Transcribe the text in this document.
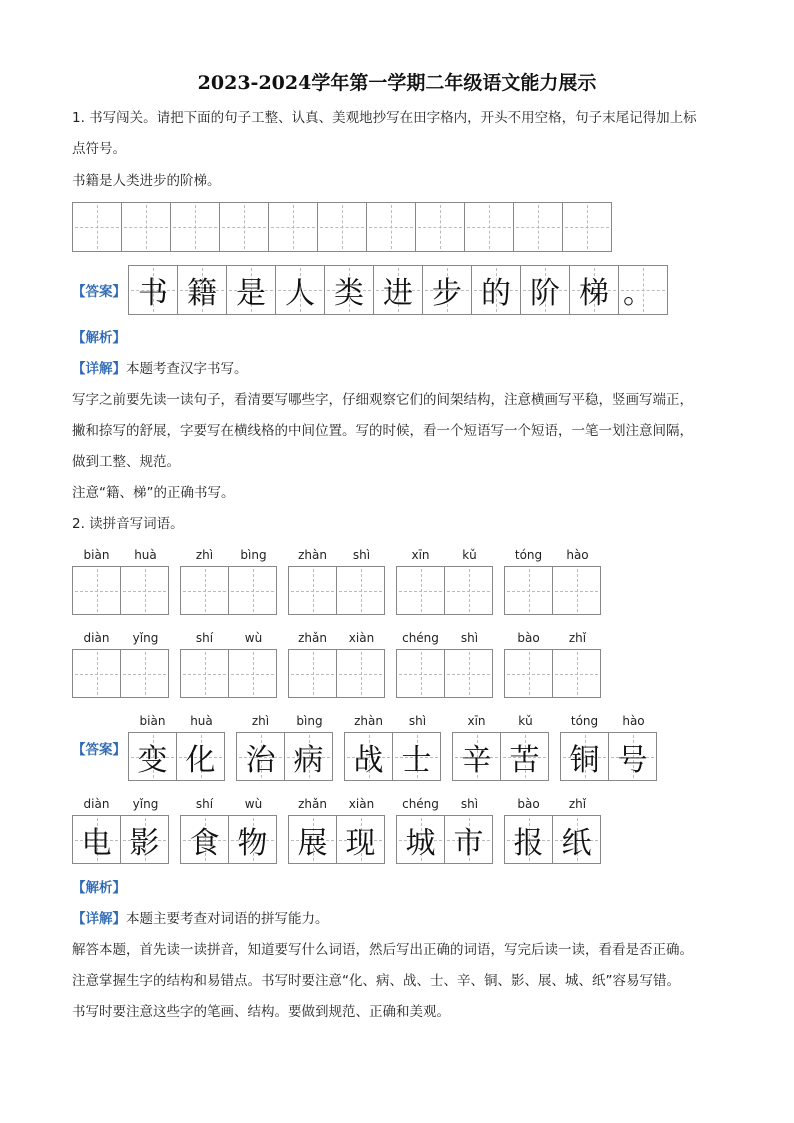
2023-2024学年第一学期二年级语文能力展示
1. 书写闯关。请把下面的句子工整、认真、美观地抄写在田字格内，开头不用空格，句子末尾记得加上标
点符号。
书籍是人类进步的阶梯。
【答案】 书 籍 是 人 类 进 步 的 阶 梯 。
【解析】
【详解】本题考查汉字书写。
写字之前要先读一读句子，看清要写哪些字，仔细观察它们的间架结构，注意横画写平稳，竖画写端正，
撇和捺写的舒展，字要写在横线格的中间位置。写的时候，看一个短语写一个短语，一笔一划注意间隔，
做到工整、规范。
注意“籍、梯”的正确书写。
2. 读拼音写词语。
biàn	huà	zhì	bìng	zhàn	shì	xīn	kǔ	tóng	hào
diàn	yǐng	shí	wù	zhǎn	xiàn	chéng	shì	bào	zhǐ
【答案】
biàn	huà
变 化
zhì	bìng
治 病
zhàn	shì
战 士
xīn	kǔ
辛 苦
tóng	hào
铜 号
diàn	yǐng
电 影
shí	wù
食 物
zhǎn	xiàn
展 现
chéng	shì
城 市
bào	zhǐ
报 纸
【解析】
【详解】本题主要考查对词语的拼写能力。
解答本题，首先读一读拼音，知道要写什么词语，然后写出正确的词语，写完后读一读，看看是否正确。
注意掌握生字的结构和易错点。书写时要注意“化、病、战、士、辛、铜、影、展、城、纸”容易写错。
书写时要注意这些字的笔画、结构。要做到规范、正确和美观。
